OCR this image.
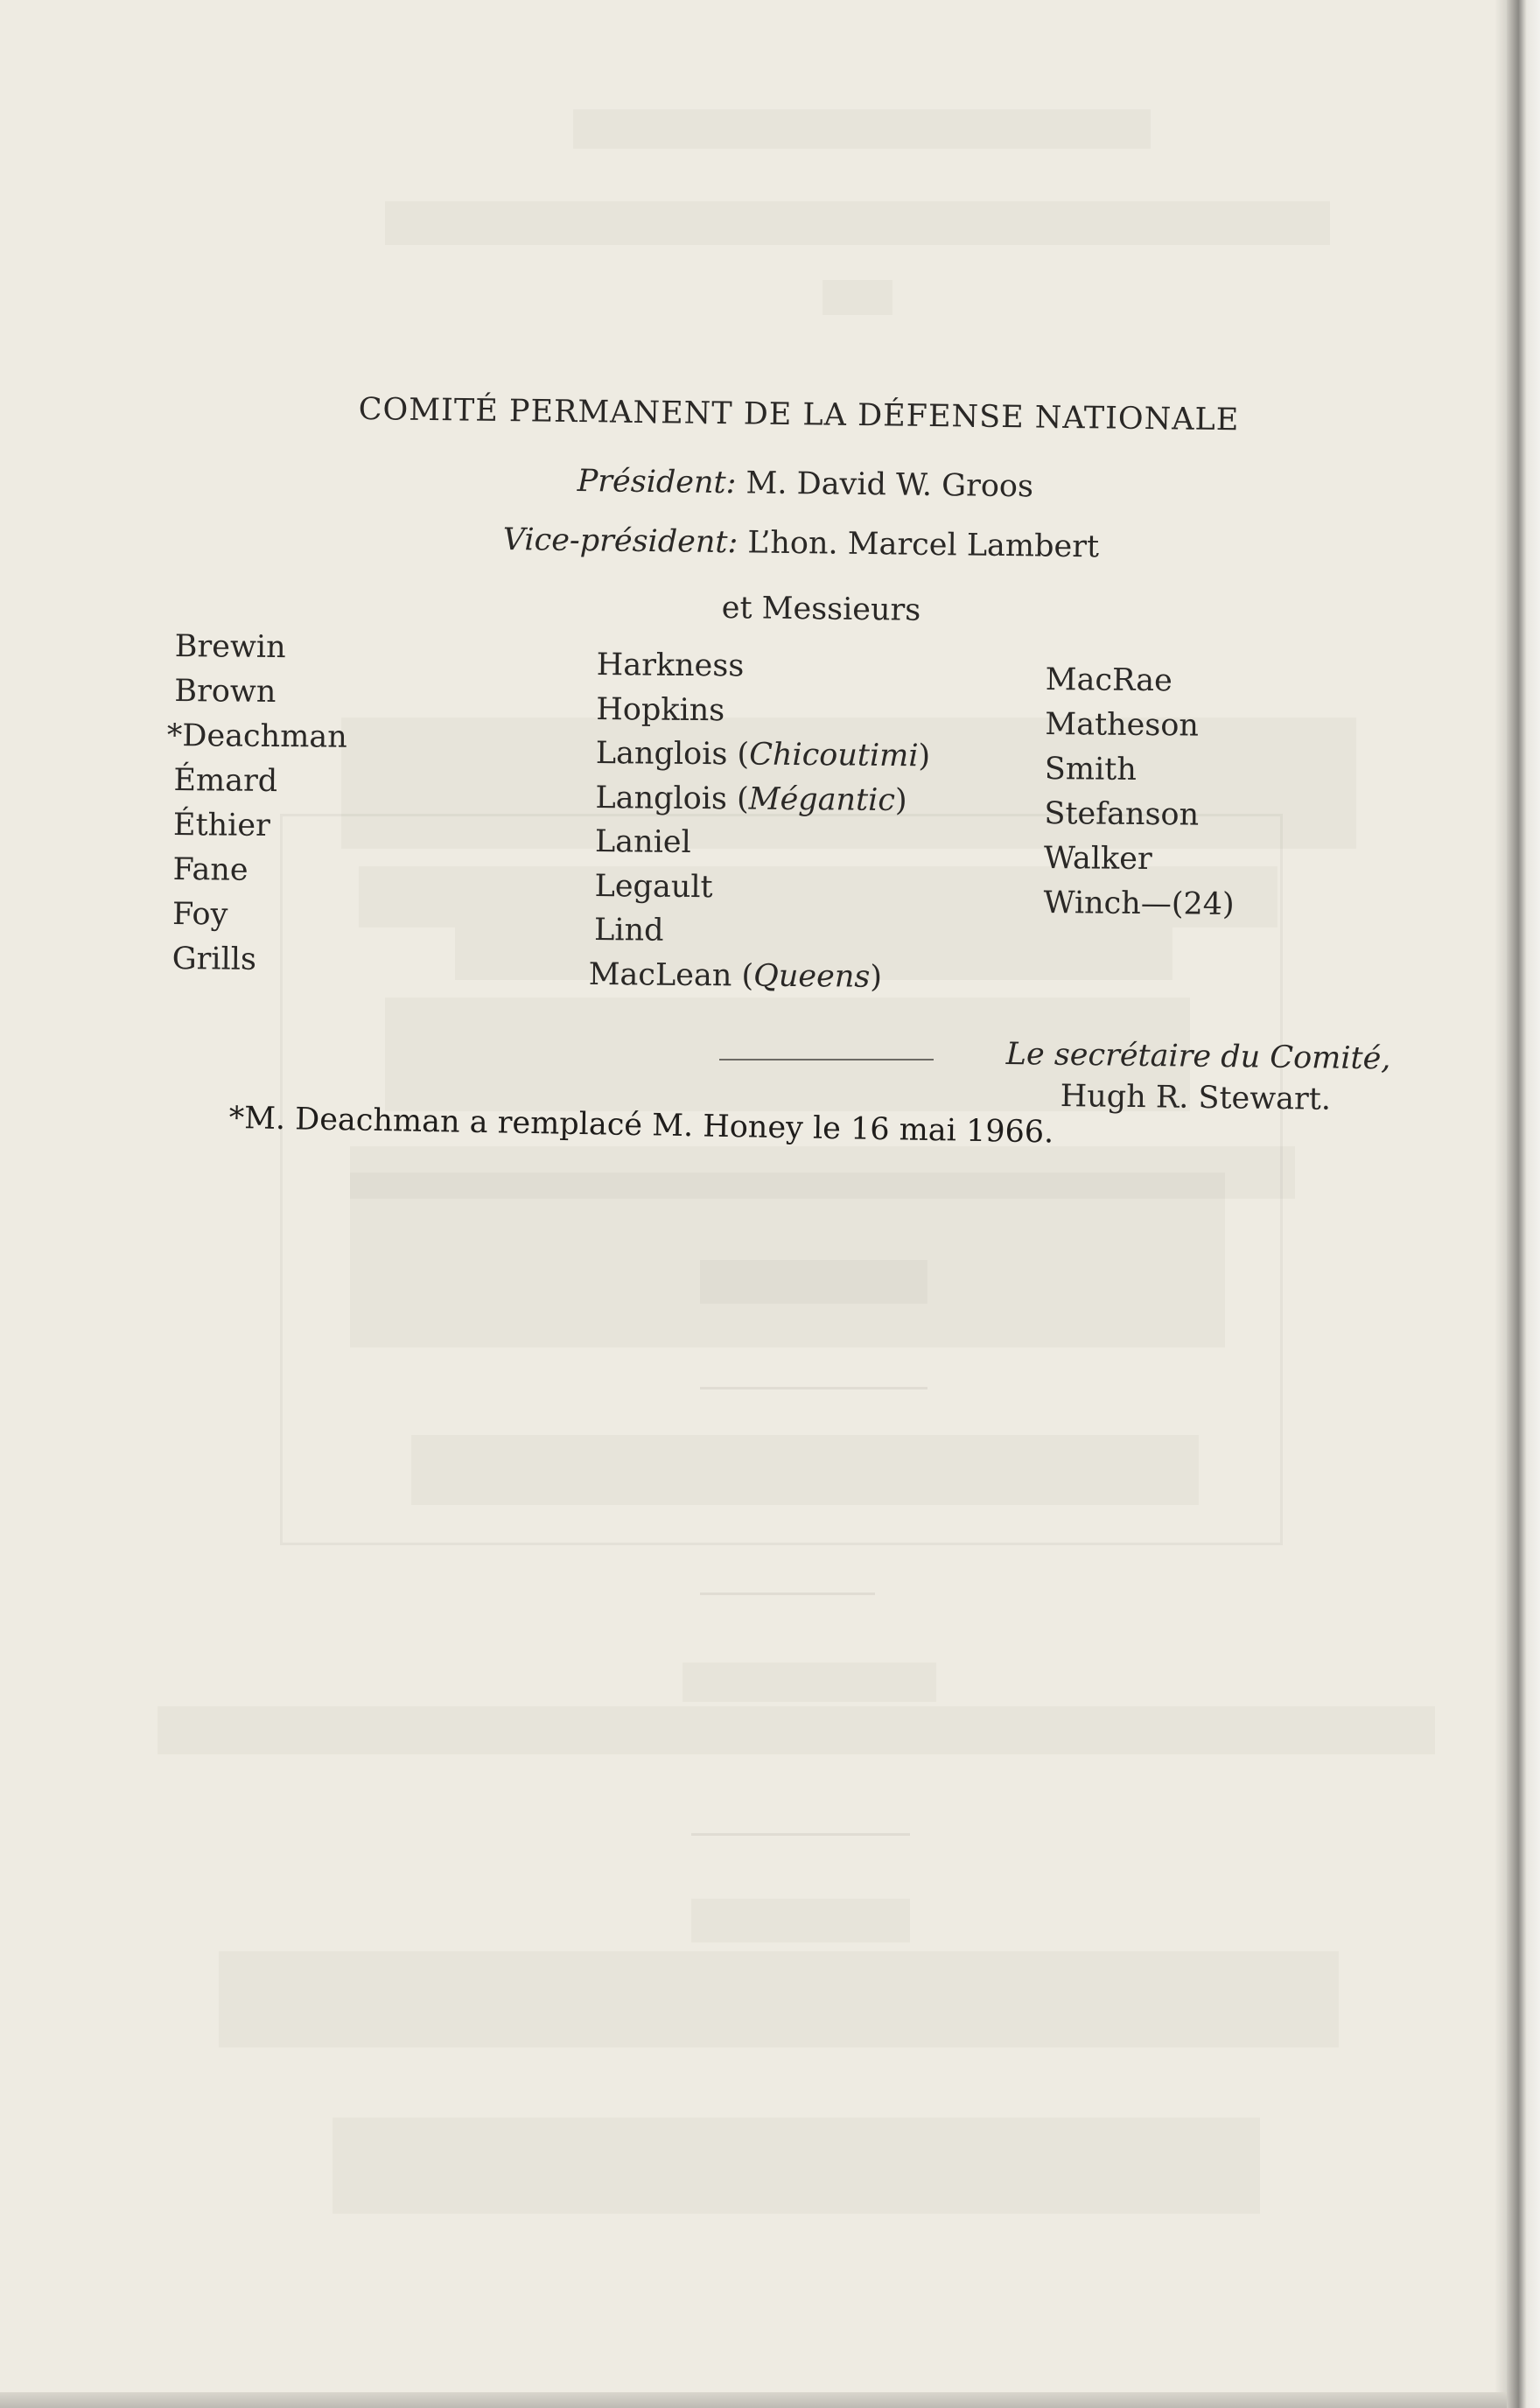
COMITÉ PERMANENT DE LA DÉFENSE NATIONALE
Président: M. David W. Groos
Vice-président: L’hon. Marcel Lambert
et Messieurs
Brewin
Brown
*Deachman
Émard
Éthier
Fane
Foy
Grills
Harkness
Hopkins
Langlois (Chicoutimi)
Langlois (Mégantic)
Laniel
Legault
Lind
MacLean (Queens)
MacRae
Matheson
Smith
Stefanson
Walker
Winch—(24)
Le secrétaire du Comité,
Hugh R. Stewart.
*M. Deachman a remplacé M. Honey le 16 mai 1966.
